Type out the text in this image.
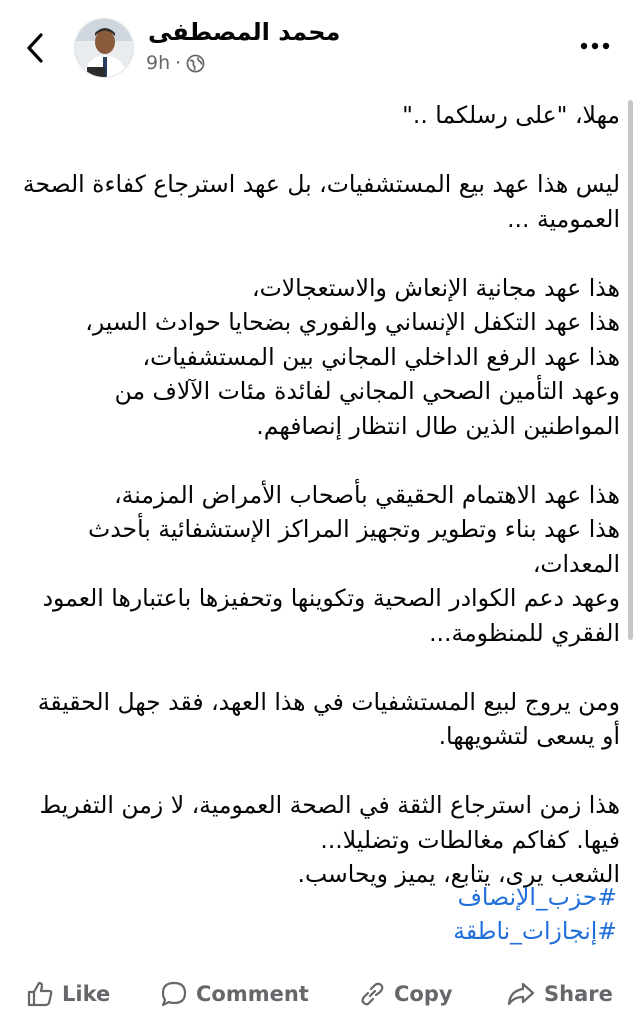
محمد المصطفى
9h ·

مهلا، "على رسلكما .."

ليس هذا عهد بيع المستشفيات، بل عهد استرجاع كفاءة الصحة العمومية ...

هذا عهد مجانية الإنعاش والاستعجالات،

هذا عهد التكفل الإنساني والفوري بضحايا حوادث السير،

هذا عهد الرفع الداخلي المجاني بين المستشفيات،

وعهد التأمين الصحي المجاني لفائدة مئات الآلاف من المواطنين الذين طال انتظار إنصافهم.

هذا عهد الاهتمام الحقيقي بأصحاب الأمراض المزمنة،

هذا عهد بناء وتطوير وتجهيز المراكز الإستشفائية بأحدث المعدات،

وعهد دعم الكوادر الصحية وتكوينها وتحفيزها باعتبارها العمود الفقري للمنظومة...

ومن يروج لبيع المستشفيات في هذا العهد، فقد جهل الحقيقة أو يسعى لتشويهها.

هذا زمن استرجاع الثقة في الصحة العمومية، لا زمن التفريط فيها. كفاكم مغالطات وتضليلا...

الشعب يرى، يتابع، يميز ويحاسب.

#حزب_الإنصاف
#إنجازات_ناطقة
Like	Comment	Copy	Share
